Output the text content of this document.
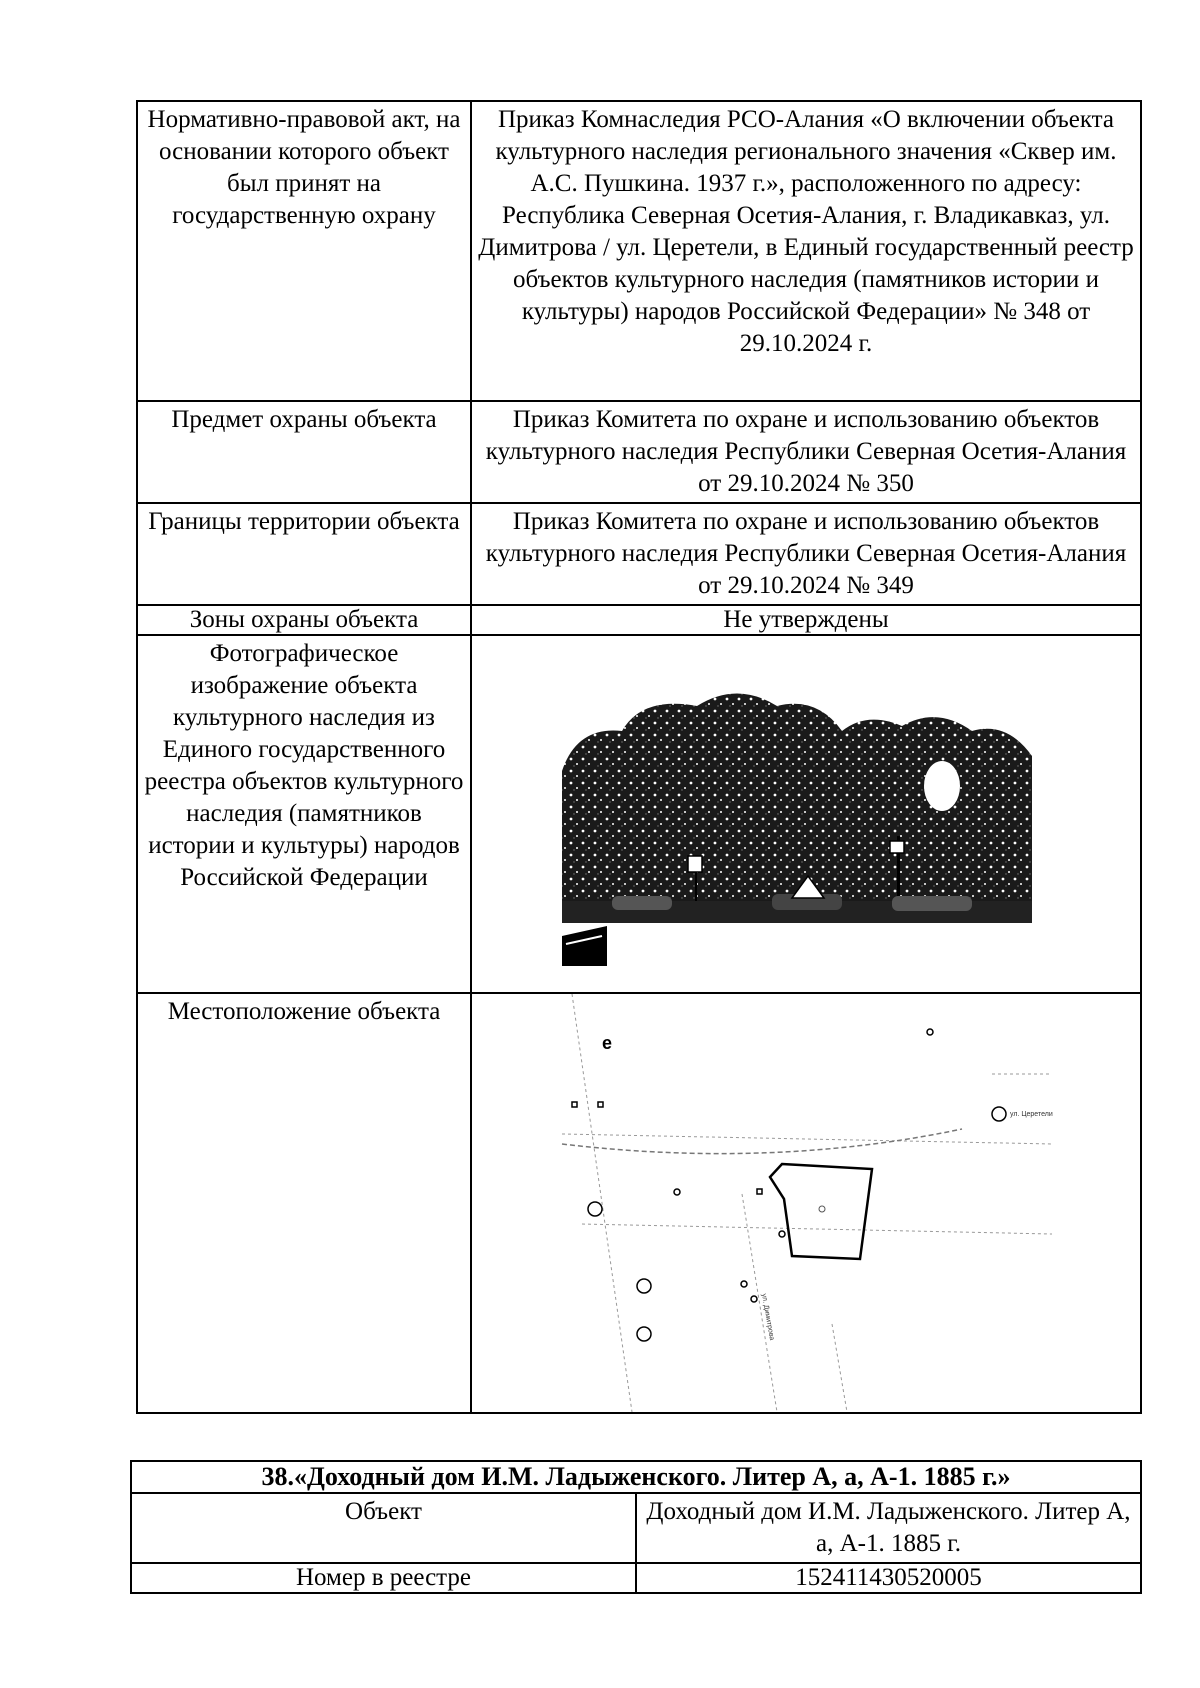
Нормативно-правовой акт, на основании которого объект был принят на государственную охрану	Приказ Комнаследия РСО-Алания «О включении объекта культурного наследия регионального значения «Сквер им. А.С. Пушкина. 1937 г.», расположенного по адресу: Республика Северная Осетия-Алания, г. Владикавказ, ул. Димитрова / ул. Церетели, в Единый государственный реестр объектов культурного наследия (памятников истории и культуры) народов Российской Федерации» № 348 от 29.10.2024 г.
Предмет охраны объекта	Приказ Комитета по охране и использованию объектов культурного наследия Республики Северная Осетия-Алания от 29.10.2024 № 350
Границы территории объекта	Приказ Комитета по охране и использованию объектов культурного наследия Республики Северная Осетия-Алания от 29.10.2024 № 349
Зоны охраны объекта	Не утверждены
Фотографическое изображение объекта культурного наследия из Единого государственного реестра объектов культурного наследия (памятников истории и культуры) народов Российской Федерации	

Местоположение объекта	e
ул. Димитрова
ул. Церетели
38.«Доходный дом И.М. Ладыженского. Литер А, а, А-1. 1885 г.»	
Объект	Доходный дом И.М. Ладыженского. Литер А, а, А-1. 1885 г.
Номер в реестре	152411430520005
